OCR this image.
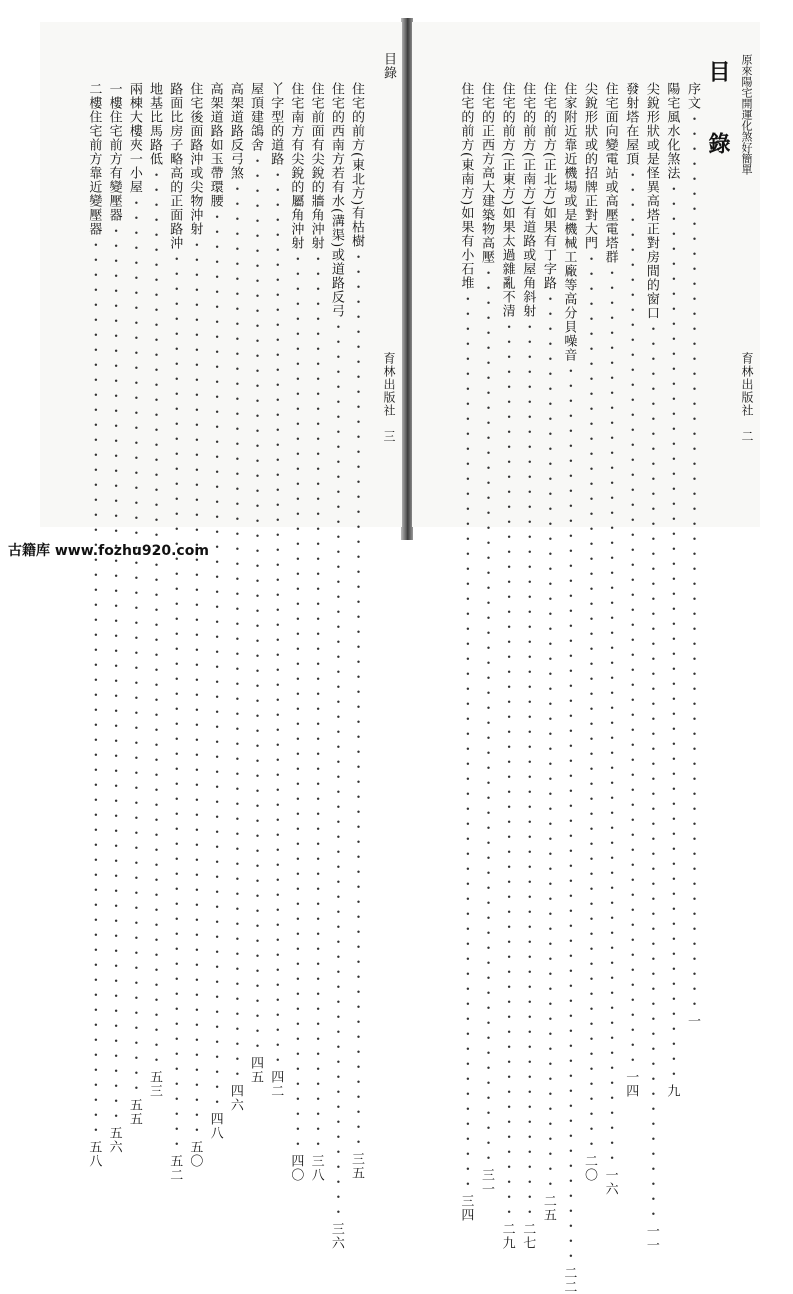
目錄
育林出版社　三
住宅的前方(東北方)有枯樹
・・・・・・・・・・・・・・・・・・・・・・・・・・・・・・・・・・・・・・・・・・・・・・・・・・・・・・・・・・・・
三五
住宅的西南方若有水(溝渠)或道路反弓
・・・・・・・・・・・・・・・・・・・・・・・・・・・・・・・・・・・・・・・・・・・・・・・・・・・・・・・・・・・・
三六
住宅前面有尖銳的牆角沖射
・・・・・・・・・・・・・・・・・・・・・・・・・・・・・・・・・・・・・・・・・・・・・・・・・・・・・・・・・・・・
三八
住宅南方有尖銳的屬角沖射
・・・・・・・・・・・・・・・・・・・・・・・・・・・・・・・・・・・・・・・・・・・・・・・・・・・・・・・・・・・・
四〇
丫字型的道路
・・・・・・・・・・・・・・・・・・・・・・・・・・・・・・・・・・・・・・・・・・・・・・・・・・・・・・・・・・・・
四二
屋頂建鴿舍
・・・・・・・・・・・・・・・・・・・・・・・・・・・・・・・・・・・・・・・・・・・・・・・・・・・・・・・・・・・・
四五
高架道路反弓煞
・・・・・・・・・・・・・・・・・・・・・・・・・・・・・・・・・・・・・・・・・・・・・・・・・・・・・・・・・・・・
四六
高架道路如玉帶環腰
・・・・・・・・・・・・・・・・・・・・・・・・・・・・・・・・・・・・・・・・・・・・・・・・・・・・・・・・・・・・
四八
住宅後面路沖或尖物沖射
・・・・・・・・・・・・・・・・・・・・・・・・・・・・・・・・・・・・・・・・・・・・・・・・・・・・・・・・・・・・
五〇
路面比房子略高的正面路沖
・・・・・・・・・・・・・・・・・・・・・・・・・・・・・・・・・・・・・・・・・・・・・・・・・・・・・・・・・・・・
五二
地基比馬路低
・・・・・・・・・・・・・・・・・・・・・・・・・・・・・・・・・・・・・・・・・・・・・・・・・・・・・・・・・・・・
五三
兩棟大樓夾一小屋
・・・・・・・・・・・・・・・・・・・・・・・・・・・・・・・・・・・・・・・・・・・・・・・・・・・・・・・・・・・・
五五
一樓住宅前方有變壓器
・・・・・・・・・・・・・・・・・・・・・・・・・・・・・・・・・・・・・・・・・・・・・・・・・・・・・・・・・・・・
五六
二樓住宅前方靠近變壓器
・・・・・・・・・・・・・・・・・・・・・・・・・・・・・・・・・・・・・・・・・・・・・・・・・・・・・・・・・・・・
五八
原來陽宅開運化煞好簡單
目　錄
育林出版社　二
序文
・・・・・・・・・・・・・・・・・・・・・・・・・・・・・・・・・・・・・・・・・・・・・・・・・・・・・・・・・・・・
一
陽宅風水化煞法
・・・・・・・・・・・・・・・・・・・・・・・・・・・・・・・・・・・・・・・・・・・・・・・・・・・・・・・・・・・・
九
尖銳形狀或是怪異高塔正對房間的窗口
・・・・・・・・・・・・・・・・・・・・・・・・・・・・・・・・・・・・・・・・・・・・・・・・・・・・・・・・・・・・
一一
發射塔在屋頂
・・・・・・・・・・・・・・・・・・・・・・・・・・・・・・・・・・・・・・・・・・・・・・・・・・・・・・・・・・・・
一四
住宅面向變電站或高壓電塔群
・・・・・・・・・・・・・・・・・・・・・・・・・・・・・・・・・・・・・・・・・・・・・・・・・・・・・・・・・・・・
一六
尖銳形狀或的招牌正對大門
・・・・・・・・・・・・・・・・・・・・・・・・・・・・・・・・・・・・・・・・・・・・・・・・・・・・・・・・・・・・
二〇
住家附近靠近機場或是機械工廠等高分貝噪音
・・・・・・・・・・・・・・・・・・・・・・・・・・・・・・・・・・・・・・・・・・・・・・・・・・・・・・・・・・・・
二二
住宅的前方(正北方)如果有丁字路
・・・・・・・・・・・・・・・・・・・・・・・・・・・・・・・・・・・・・・・・・・・・・・・・・・・・・・・・・・・・
二五
住宅的前方(正南方)有道路或屋角斜射
・・・・・・・・・・・・・・・・・・・・・・・・・・・・・・・・・・・・・・・・・・・・・・・・・・・・・・・・・・・・
二七
住宅的前方(正東方)如果太過雜亂不清
・・・・・・・・・・・・・・・・・・・・・・・・・・・・・・・・・・・・・・・・・・・・・・・・・・・・・・・・・・・・
二九
住宅的正西方高大建築物高壓
・・・・・・・・・・・・・・・・・・・・・・・・・・・・・・・・・・・・・・・・・・・・・・・・・・・・・・・・・・・・
三一
住宅的前方(東南方)如果有小石堆
・・・・・・・・・・・・・・・・・・・・・・・・・・・・・・・・・・・・・・・・・・・・・・・・・・・・・・・・・・・・
三四
古籍库 www.fozhu920.com
